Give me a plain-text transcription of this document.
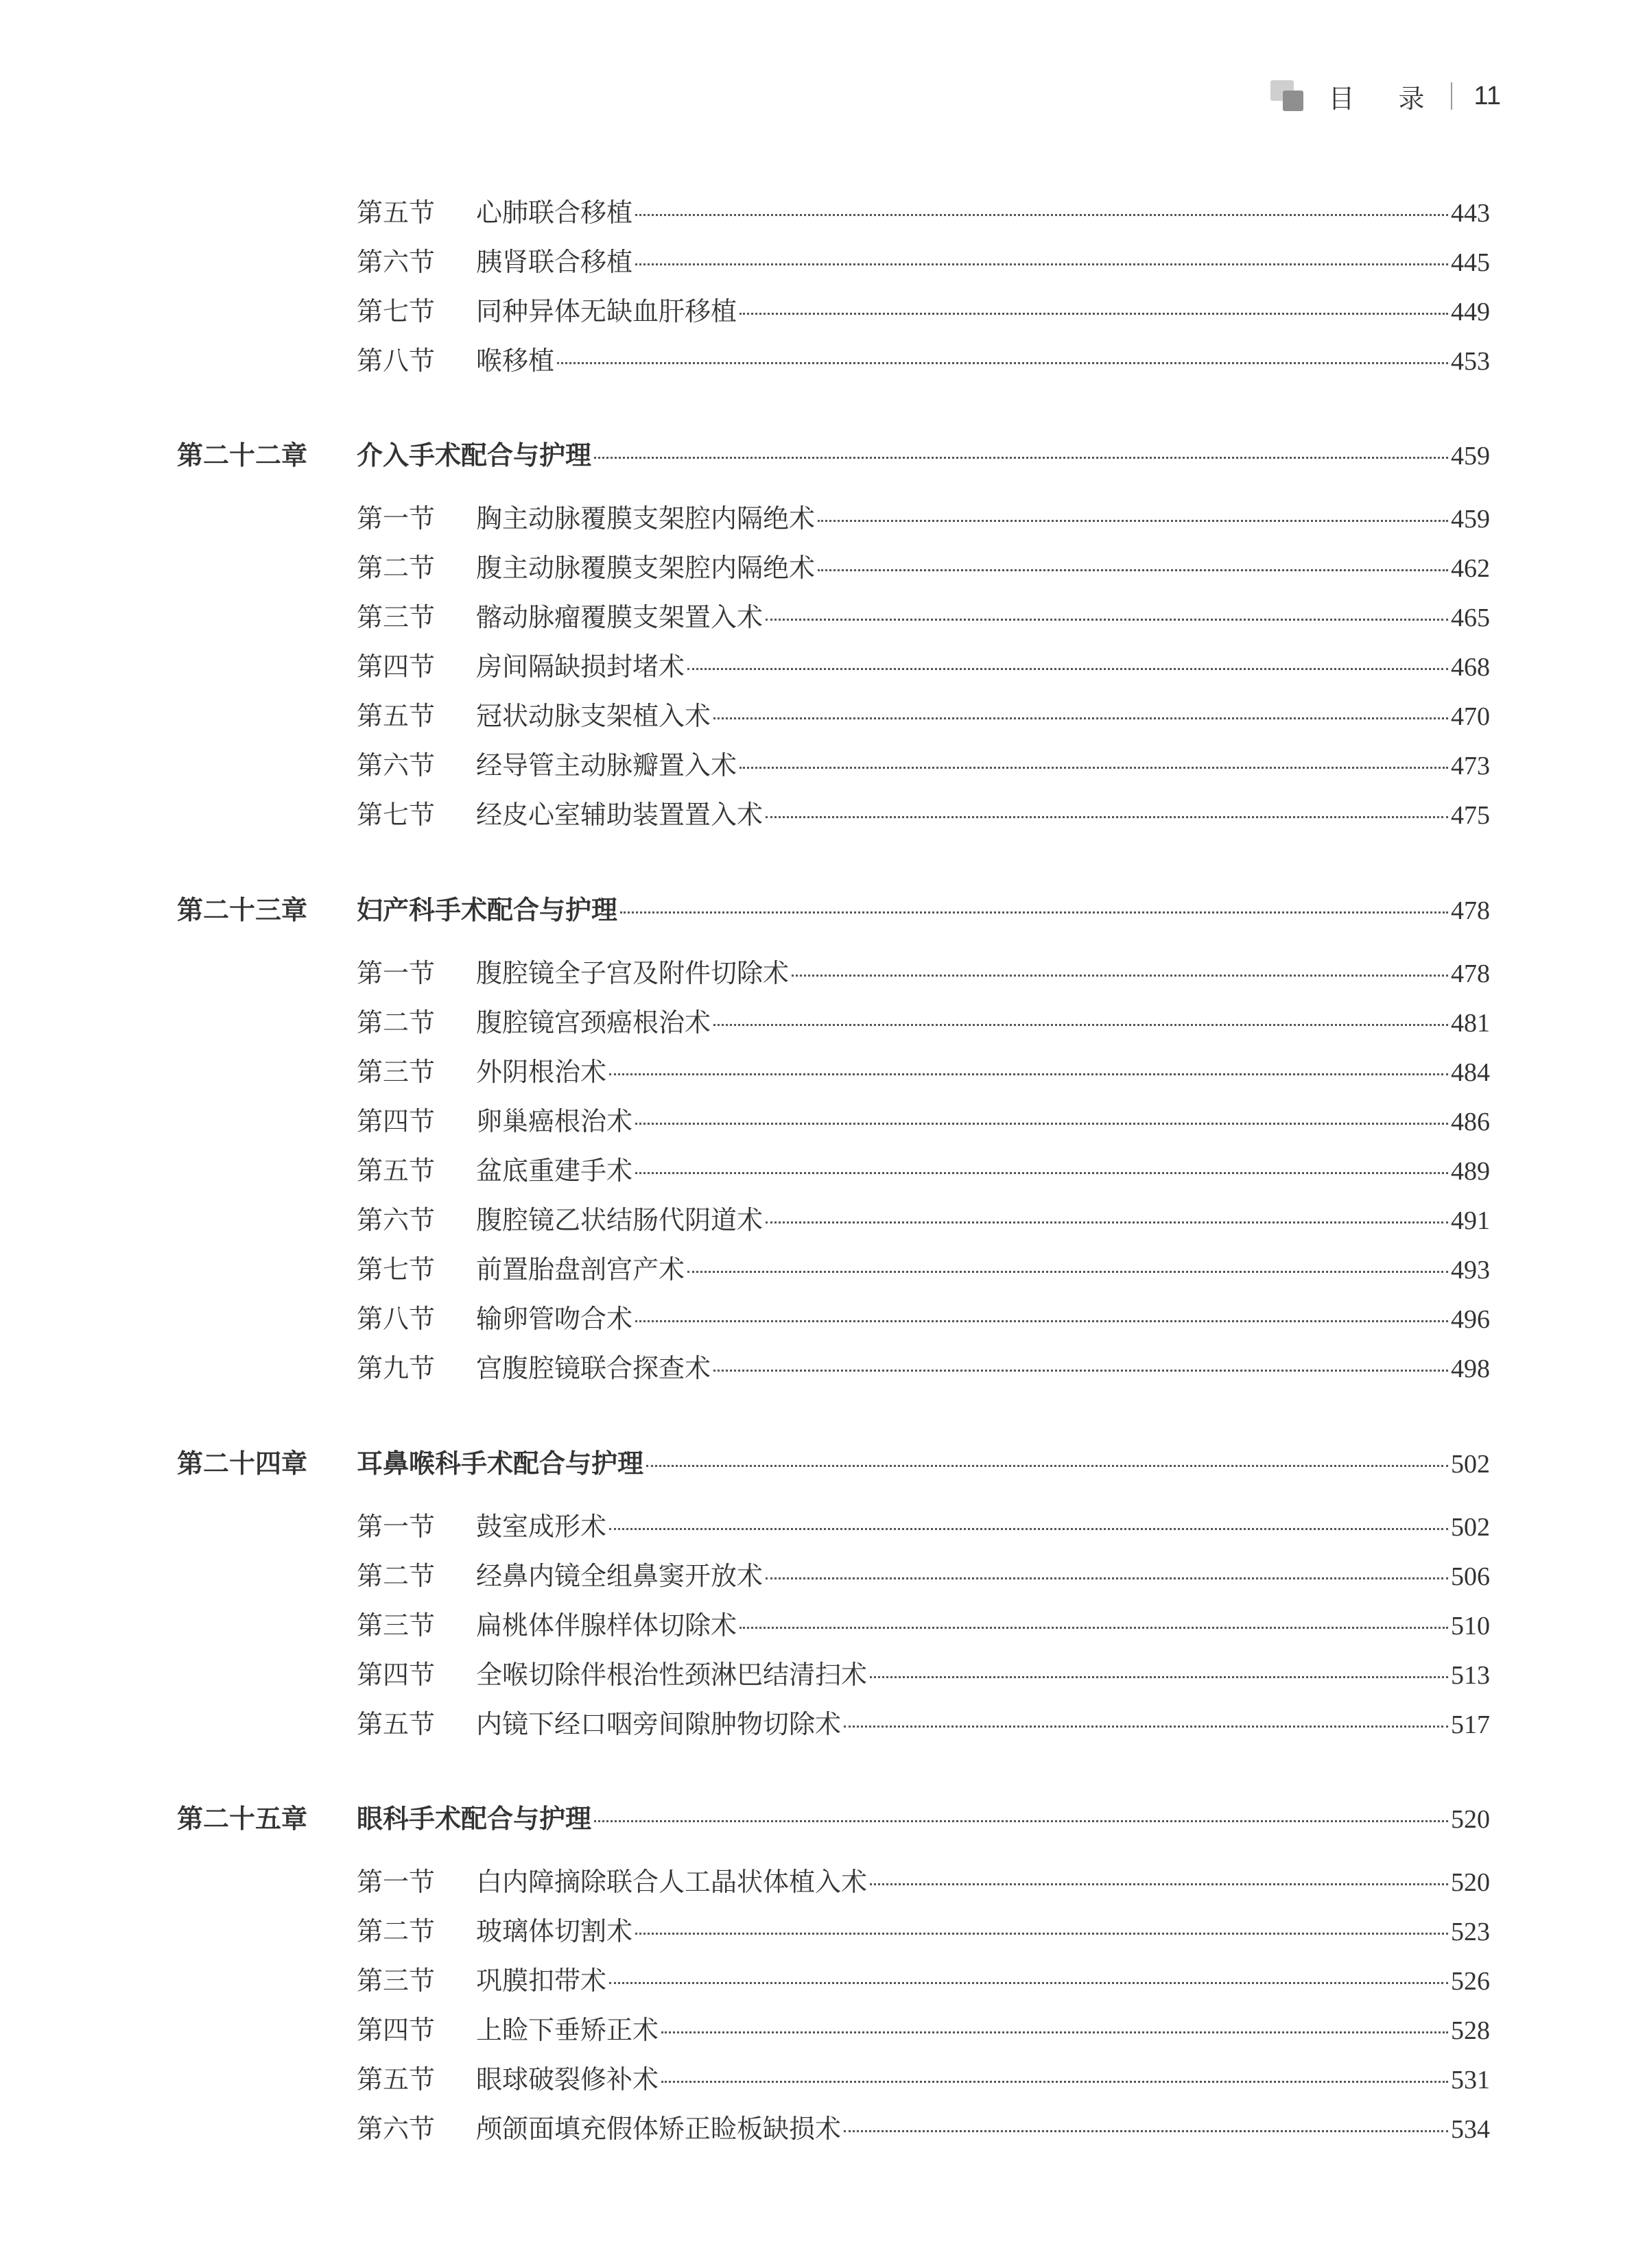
目 录 11
第五节 心肺联合移植	443
第六节 胰肾联合移植	445
第七节 同种异体无缺血肝移植	449
第八节 喉移植	453
第二十二章 介入手术配合与护理	459
第一节 胸主动脉覆膜支架腔内隔绝术	459
第二节 腹主动脉覆膜支架腔内隔绝术	462
第三节 髂动脉瘤覆膜支架置入术	465
第四节 房间隔缺损封堵术	468
第五节 冠状动脉支架植入术	470
第六节 经导管主动脉瓣置入术	473
第七节 经皮心室辅助装置置入术	475
第二十三章 妇产科手术配合与护理	478
第一节 腹腔镜全子宫及附件切除术	478
第二节 腹腔镜宫颈癌根治术	481
第三节 外阴根治术	484
第四节 卵巢癌根治术	486
第五节 盆底重建手术	489
第六节 腹腔镜乙状结肠代阴道术	491
第七节 前置胎盘剖宫产术	493
第八节 输卵管吻合术	496
第九节 宫腹腔镜联合探查术	498
第二十四章 耳鼻喉科手术配合与护理	502
第一节 鼓室成形术	502
第二节 经鼻内镜全组鼻窦开放术	506
第三节 扁桃体伴腺样体切除术	510
第四节 全喉切除伴根治性颈淋巴结清扫术	513
第五节 内镜下经口咽旁间隙肿物切除术	517
第二十五章 眼科手术配合与护理	520
第一节 白内障摘除联合人工晶状体植入术	520
第二节 玻璃体切割术	523
第三节 巩膜扣带术	526
第四节 上睑下垂矫正术	528
第五节 眼球破裂修补术	531
第六节 颅颌面填充假体矫正睑板缺损术	534
